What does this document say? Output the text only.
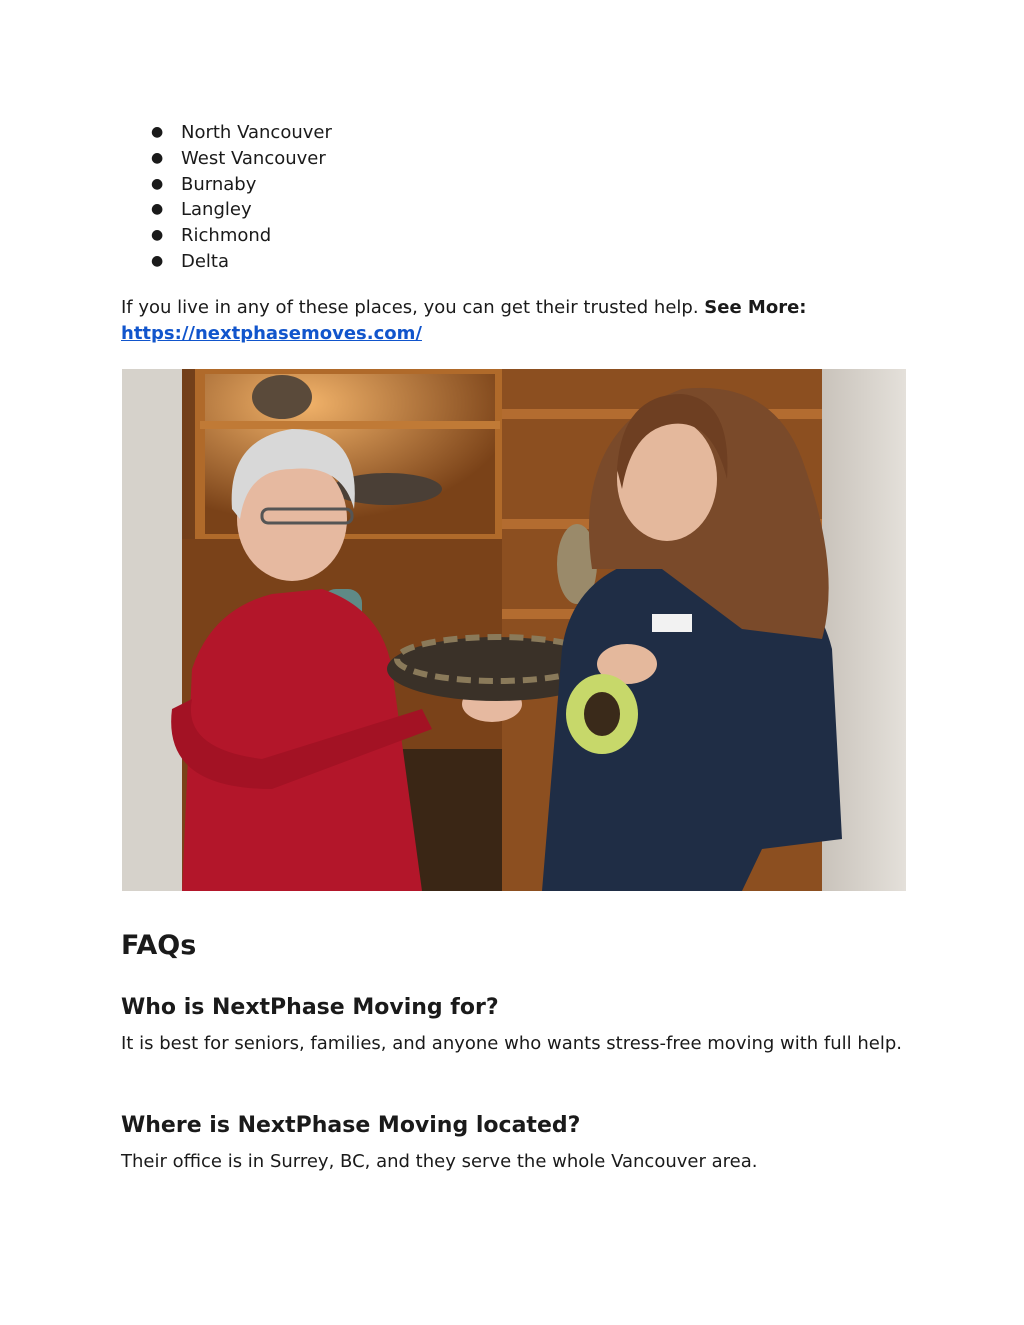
● North Vancouver
● West Vancouver
● Burnaby
● Langley
● Richmond
● Delta

If you live in any of these places, you can get their trusted help. See More:
https://nextphasemoves.com/

FAQs
Who is NextPhase Moving for?

It is best for seniors, families, and anyone who wants stress-free moving with full help.

Where is NextPhase Moving located?

Their office is in Surrey, BC, and they serve the whole Vancouver area.
